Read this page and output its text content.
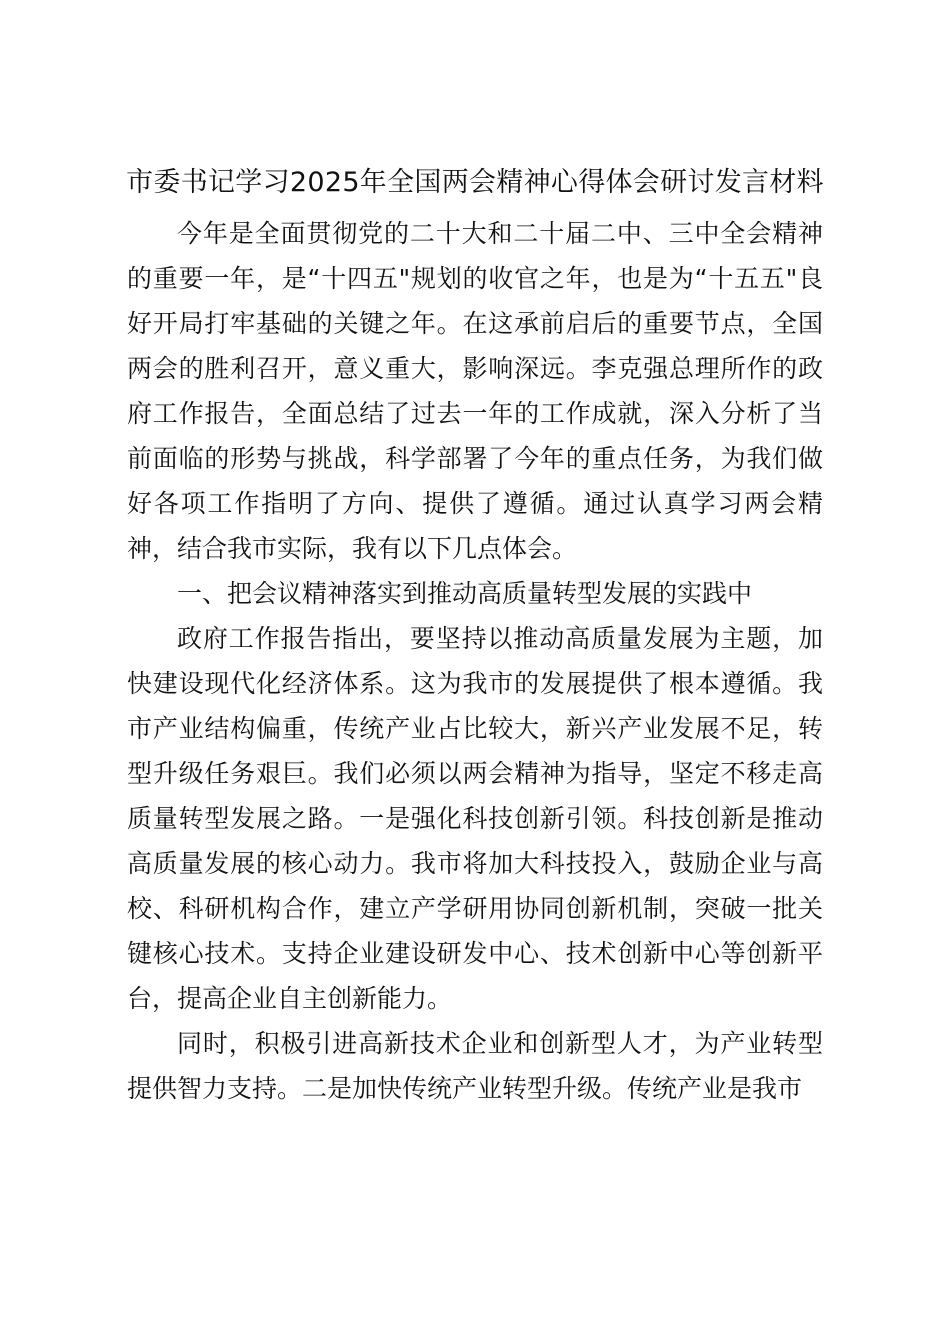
市委书记学习2025年全国两会精神心得体会研讨发言材料

今年是全面贯彻党的二十大和二十届二中、三中全会精神的重要一年，是“十四五"规划的收官之年，也是为“十五五"良好开局打牢基础的关键之年。在这承前启后的重要节点，全国两会的胜利召开，意义重大，影响深远。李克强总理所作的政府工作报告，全面总结了过去一年的工作成就，深入分析了当前面临的形势与挑战，科学部署了今年的重点任务，为我们做好各项工作指明了方向、提供了遵循。通过认真学习两会精神，结合我市实际，我有以下几点体会。

一、把会议精神落实到推动高质量转型发展的实践中

政府工作报告指出，要坚持以推动高质量发展为主题，加快建设现代化经济体系。这为我市的发展提供了根本遵循。我市产业结构偏重，传统产业占比较大，新兴产业发展不足，转型升级任务艰巨。我们必须以两会精神为指导，坚定不移走高质量转型发展之路。一是强化科技创新引领。科技创新是推动高质量发展的核心动力。我市将加大科技投入，鼓励企业与高校、科研机构合作，建立产学研用协同创新机制，突破一批关键核心技术。支持企业建设研发中心、技术创新中心等创新平台，提高企业自主创新能力。

同时，积极引进高新技术企业和创新型人才，为产业转型提供智力支持。二是加快传统产业转型升级。传统产业是我市
